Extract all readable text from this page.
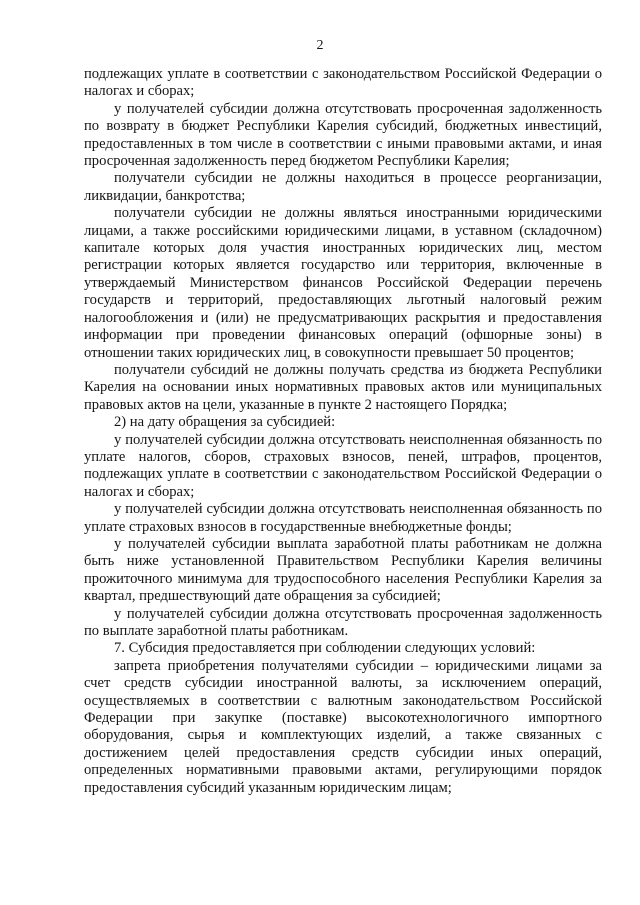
2

подлежащих уплате в соответствии с законодательством Российской Федерации о налогах и сборах;

у получателей субсидии должна отсутствовать просроченная задолженность по возврату в бюджет Республики Карелия субсидий, бюджетных инвестиций, предоставленных в том числе в соответствии с иными правовыми актами, и иная просроченная задолженность перед бюджетом Республики Карелия;

получатели субсидии не должны находиться в процессе реорганизации, ликвидации, банкротства;

получатели субсидии не должны являться иностранными юридическими лицами, а также российскими юридическими лицами, в уставном (складочном) капитале которых доля участия иностранных юридических лиц, местом регистрации которых является государство или территория, включенные в утверждаемый Министерством финансов Российской Федерации перечень государств и территорий, предоставляющих льготный налоговый режим налогообложения и (или) не предусматривающих раскрытия и предоставления информации при проведении финансовых операций (офшорные зоны) в отношении таких юридических лиц, в совокупности превышает 50 процентов;

получатели субсидий не должны получать средства из бюджета Республики Карелия на основании иных нормативных правовых актов или муниципальных правовых актов на цели, указанные в пункте 2 настоящего Порядка;

2) на дату обращения за субсидией:

у получателей субсидии должна отсутствовать неисполненная обязанность по уплате налогов, сборов, страховых взносов, пеней, штрафов, процентов, подлежащих уплате в соответствии с законодательством Российской Федерации о налогах и сборах;

у получателей субсидии должна отсутствовать неисполненная обязанность по уплате страховых взносов в государственные внебюджетные фонды;

у получателей субсидии выплата заработной платы работникам не должна быть ниже установленной Правительством Республики Карелия величины прожиточного минимума для трудоспособного населения Республики Карелия за квартал, предшествующий дате обращения за субсидией;

у получателей субсидии должна отсутствовать просроченная задолженность по выплате заработной платы работникам.

7. Субсидия предоставляется при соблюдении следующих условий:

запрета приобретения получателями субсидии – юридическими лицами за счет средств субсидии иностранной валюты, за исключением операций, осуществляемых в соответствии с валютным законодательством Российской Федерации при закупке (поставке) высокотехнологичного импортного оборудования, сырья и комплектующих изделий, а также связанных с достижением целей предоставления средств субсидии иных операций, определенных нормативными правовыми актами, регулирующими порядок предоставления субсидий указанным юридическим лицам;
